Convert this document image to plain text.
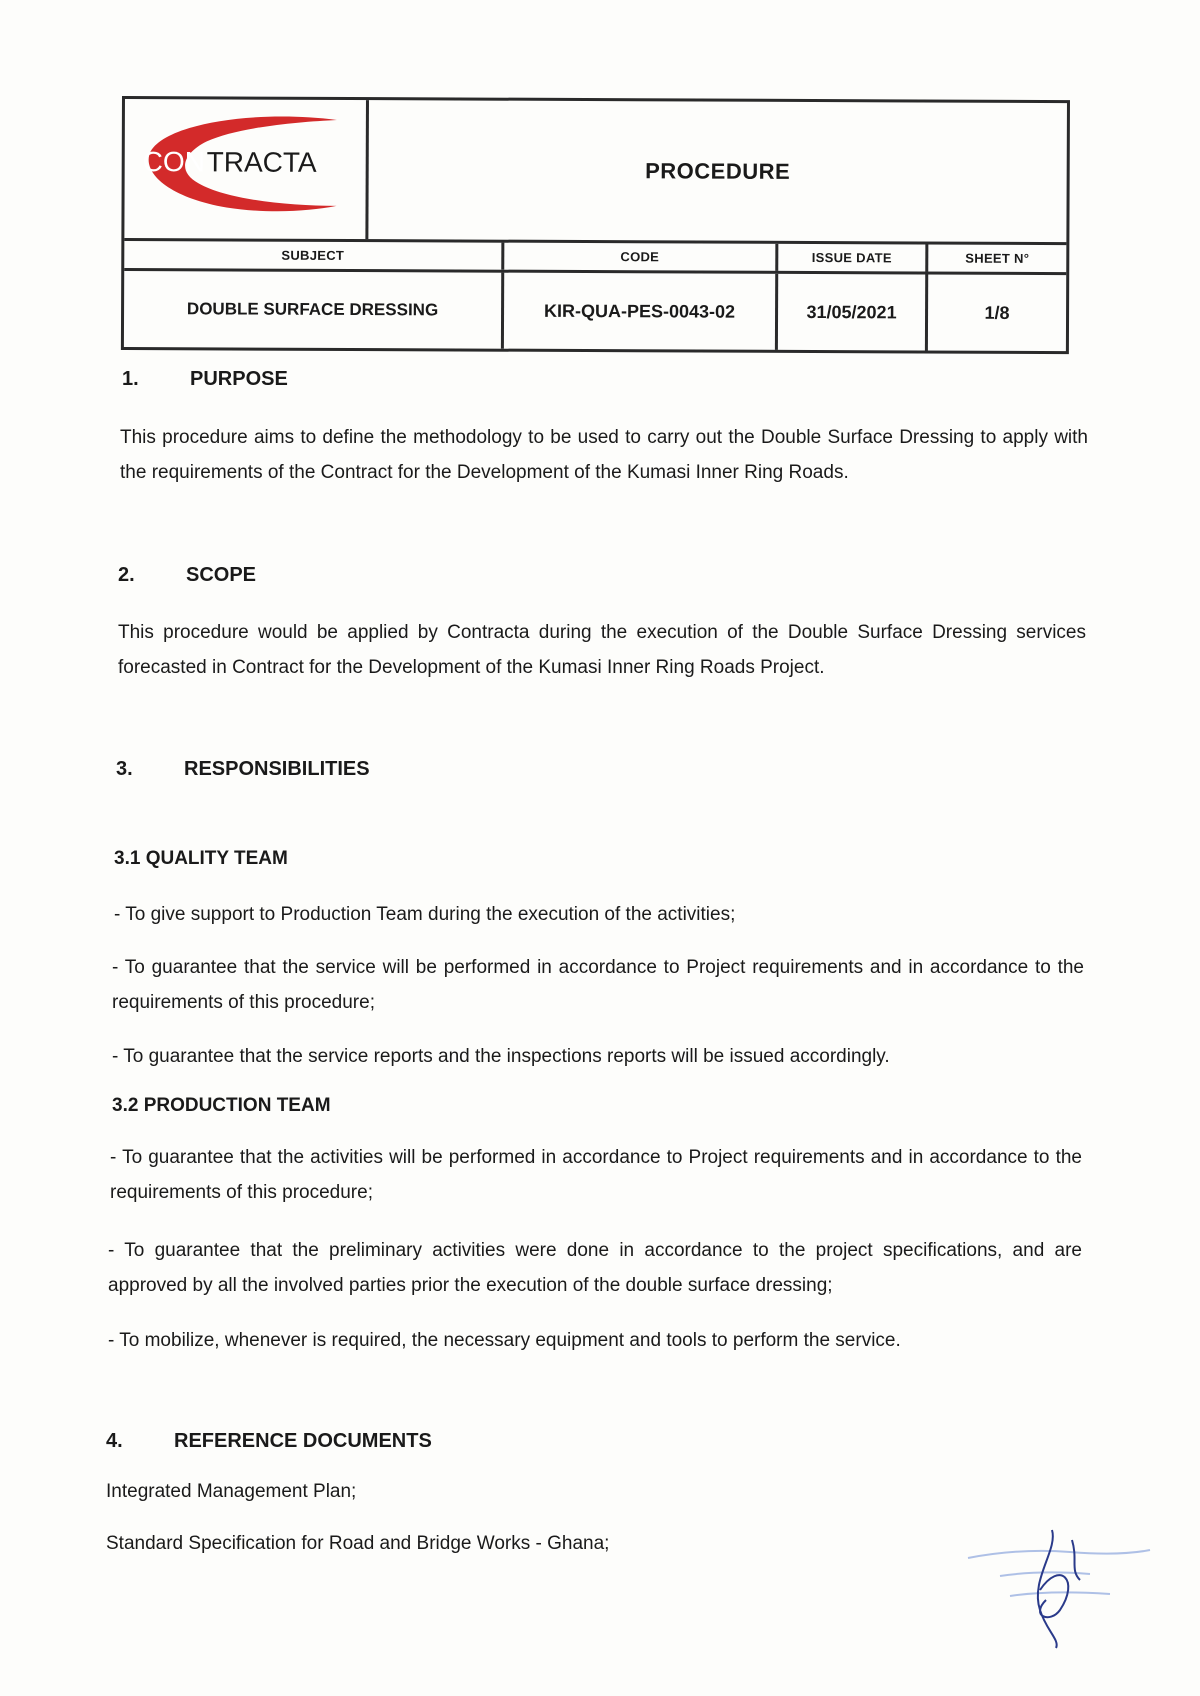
CON TRACTA	PROCEDURE
SUBJECT	CODE	ISSUE DATE	SHEET N°
DOUBLE SURFACE DRESSING	KIR-QUA-PES-0043-02	31/05/2021	1/8
1.	PURPOSE
This procedure aims to define the methodology to be used to carry out the Double Surface Dressing to apply with the requirements of the Contract for the Development of the Kumasi Inner Ring Roads.
2.	SCOPE
This procedure would be applied by Contracta during the execution of the Double Surface Dressing services forecasted in Contract for the Development of the Kumasi Inner Ring Roads Project.
3.	RESPONSIBILITIES
3.1 QUALITY TEAM
- To give support to Production Team during the execution of the activities;
- To guarantee that the service will be performed in accordance to Project requirements and in accordance to the requirements of this procedure;
- To guarantee that the service reports and the inspections reports will be issued accordingly.
3.2 PRODUCTION TEAM
- To guarantee that the activities will be performed in accordance to Project requirements and in accordance to the requirements of this procedure;
- To guarantee that the preliminary activities were done in accordance to the project specifications, and are approved by all the involved parties prior the execution of the double surface dressing;
- To mobilize, whenever is required, the necessary equipment and tools to perform the service.
4.	REFERENCE DOCUMENTS
Integrated Management Plan;
Standard Specification for Road and Bridge Works - Ghana;
